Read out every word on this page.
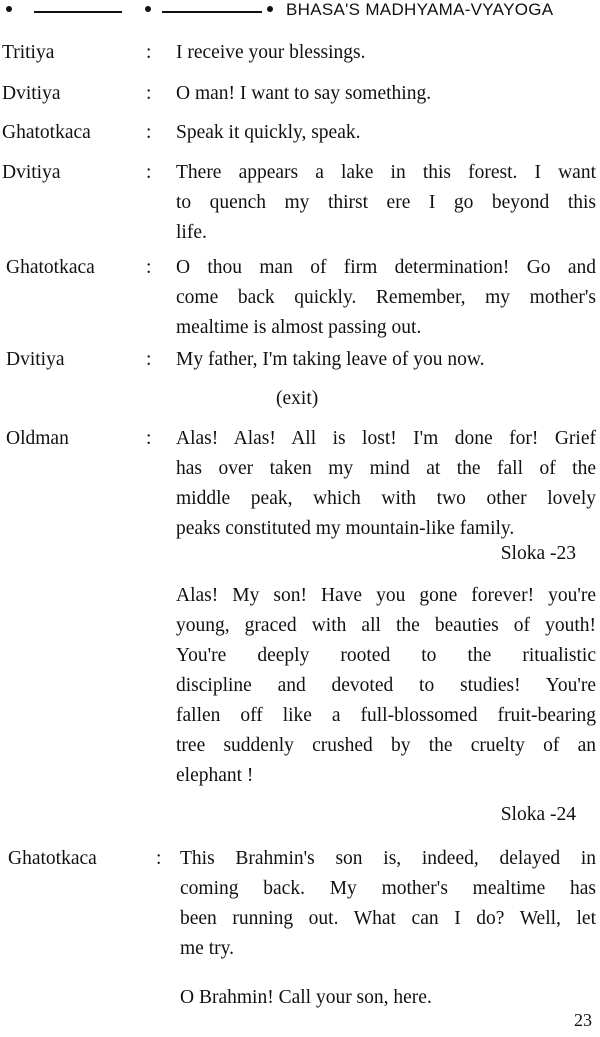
BHASA'S MADHYAMA-VYAYOGA
Tritiya	: I receive your blessings.
Dvitiya	: O man! I want to say something.
Ghatotkaca	: Speak it quickly, speak.
Dvitiya	: There appears a lake in this forest. I want
to quench my thirst ere I go beyond this
life.
Ghatotkaca	: O thou man of firm determination! Go and
come back quickly. Remember, my mother's
mealtime is almost passing out.
Dvitiya	: My father, I'm taking leave of you now.
(exit)
Oldman	: Alas! Alas! All is lost! I'm done for! Grief
has over taken my mind at the fall of the
middle peak, which with two other lovely
peaks constituted my mountain-like family.
Sloka -23
Alas! My son! Have you gone forever! you're
young, graced with all the beauties of youth!
You're deeply rooted to the ritualistic
discipline and devoted to studies! You're
fallen off like a full-blossomed fruit-bearing
tree suddenly crushed by the cruelty of an
elephant !
Sloka -24
Ghatotkaca	: This Brahmin's son is, indeed, delayed in
coming back. My mother's mealtime has
been running out. What can I do? Well, let
me try.
O Brahmin! Call your son, here.
23
